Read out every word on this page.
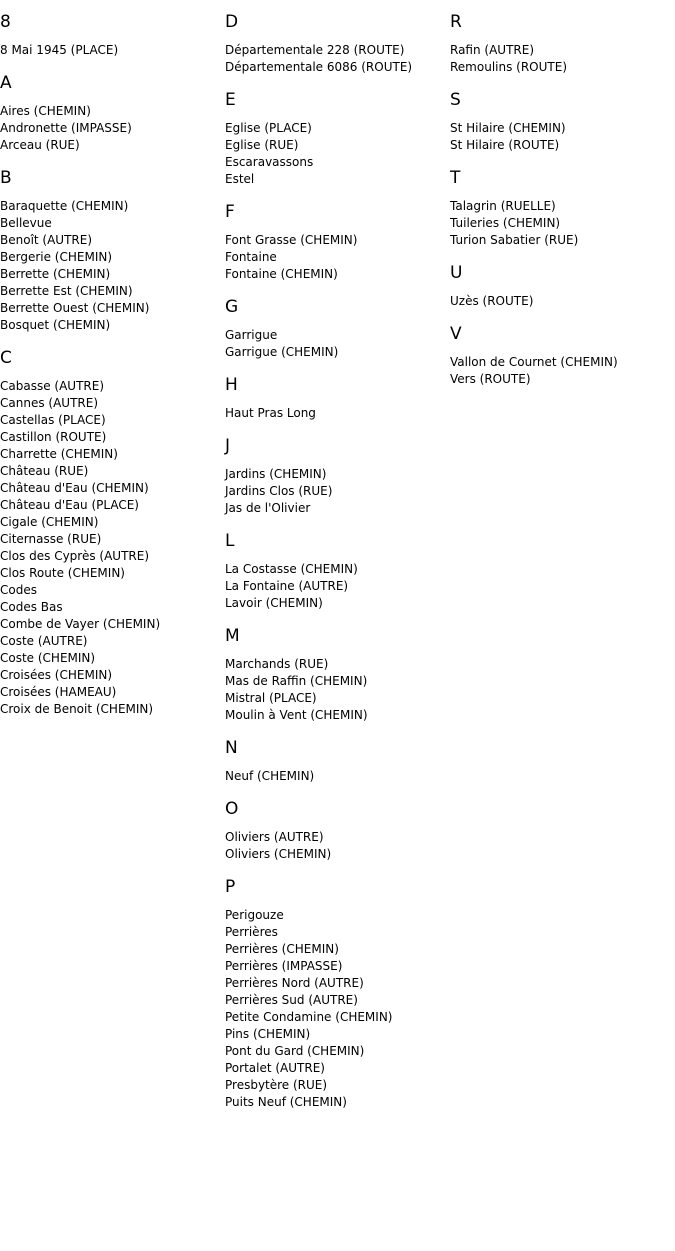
8
8 Mai 1945 (PLACE)
A
Aires (CHEMIN)
Andronette (IMPASSE)
Arceau (RUE)
B
Baraquette (CHEMIN)
Bellevue
Benoît (AUTRE)
Bergerie (CHEMIN)
Berrette (CHEMIN)
Berrette Est (CHEMIN)
Berrette Ouest (CHEMIN)
Bosquet (CHEMIN)
C
Cabasse (AUTRE)
Cannes (AUTRE)
Castellas (PLACE)
Castillon (ROUTE)
Charrette (CHEMIN)
Château (RUE)
Château d'Eau (CHEMIN)
Château d'Eau (PLACE)
Cigale (CHEMIN)
Citernasse (RUE)
Clos des Cyprès (AUTRE)
Clos Route (CHEMIN)
Codes
Codes Bas
Combe de Vayer (CHEMIN)
Coste (AUTRE)
Coste (CHEMIN)
Croisées (CHEMIN)
Croisées (HAMEAU)
Croix de Benoit (CHEMIN)
D
Départementale 228 (ROUTE)
Départementale 6086 (ROUTE)
E
Eglise (PLACE)
Eglise (RUE)
Escaravassons
Estel
F
Font Grasse (CHEMIN)
Fontaine
Fontaine (CHEMIN)
G
Garrigue
Garrigue (CHEMIN)
H
Haut Pras Long
J
Jardins (CHEMIN)
Jardins Clos (RUE)
Jas de l'Olivier
L
La Costasse (CHEMIN)
La Fontaine (AUTRE)
Lavoir (CHEMIN)
M
Marchands (RUE)
Mas de Raffin (CHEMIN)
Mistral (PLACE)
Moulin à Vent (CHEMIN)
N
Neuf (CHEMIN)
O
Oliviers (AUTRE)
Oliviers (CHEMIN)
P
Perigouze
Perrières
Perrières (CHEMIN)
Perrières (IMPASSE)
Perrières Nord (AUTRE)
Perrières Sud (AUTRE)
Petite Condamine (CHEMIN)
Pins (CHEMIN)
Pont du Gard (CHEMIN)
Portalet (AUTRE)
Presbytère (RUE)
Puits Neuf (CHEMIN)
R
Rafin (AUTRE)
Remoulins (ROUTE)
S
St Hilaire (CHEMIN)
St Hilaire (ROUTE)
T
Talagrin (RUELLE)
Tuileries (CHEMIN)
Turion Sabatier (RUE)
U
Uzès (ROUTE)
V
Vallon de Cournet (CHEMIN)
Vers (ROUTE)
